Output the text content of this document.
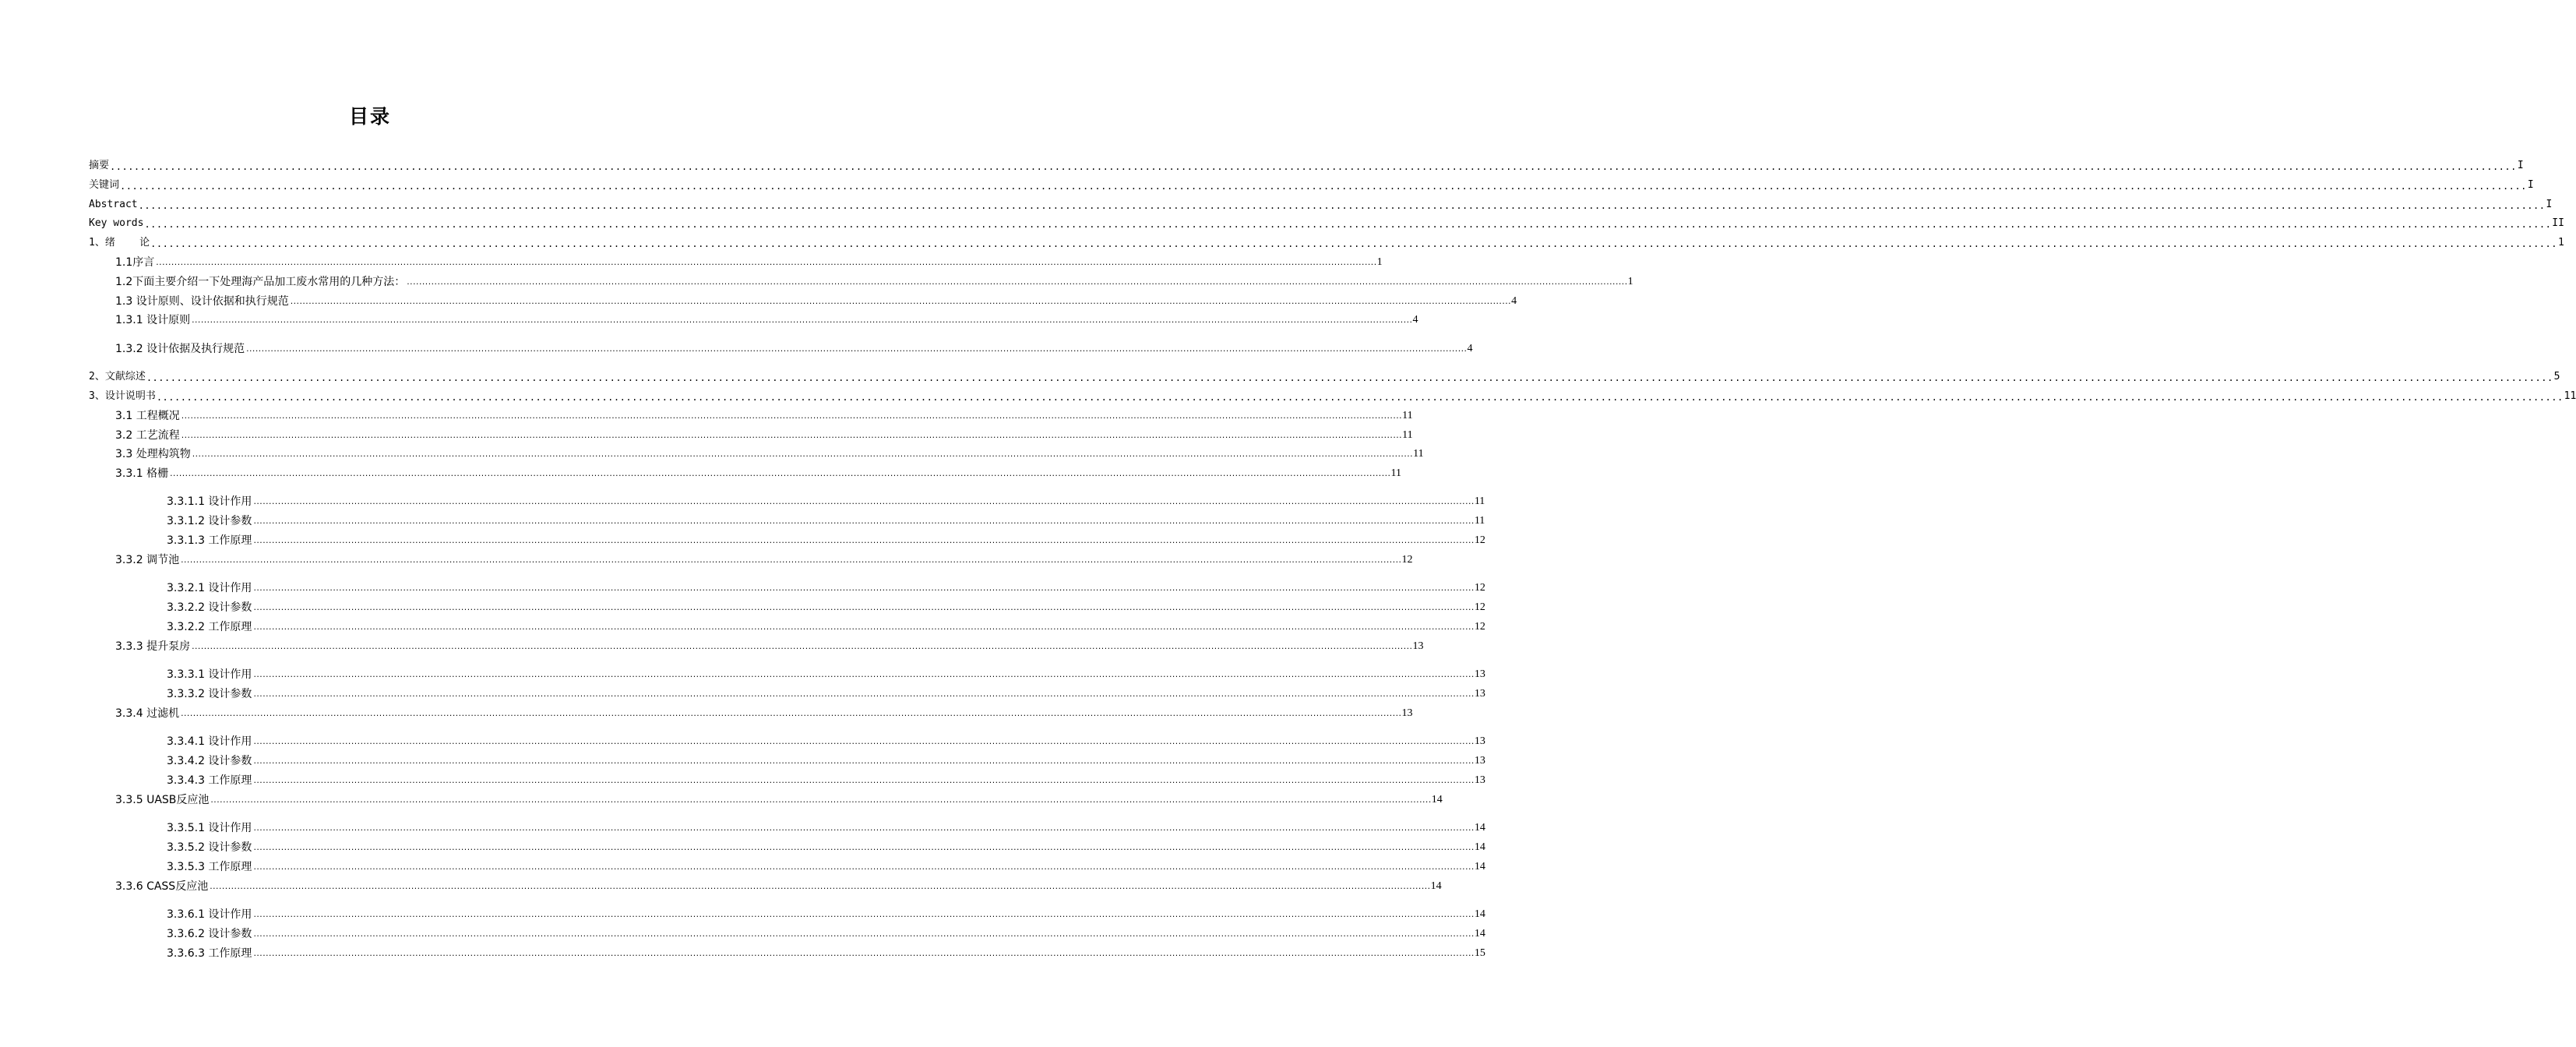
目录
摘要 ................................................................................................................................................................................................................................................................................................................................................................................................................ I
关键词 ................................................................................................................................................................................................................................................................................................................................................................................................................ I
Abstract ................................................................................................................................................................................................................................................................................................................................................................................................................ I
Key words ................................................................................................................................................................................................................................................................................................................................................................................................................ II
1、绪    论 ................................................................................................................................................................................................................................................................................................................................................................................................................ 1
1.1序言 ................................................................................................................................................................................................................................................................................................................................................................................................................ 1
1.2下面主要介绍一下处理海产品加工废水常用的几种方法： ................................................................................................................................................................................................................................................................................................................................................................................................................ 1
1.3 设计原则、设计依据和执行规范 ................................................................................................................................................................................................................................................................................................................................................................................................................ 4
1.3.1 设计原则 ................................................................................................................................................................................................................................................................................................................................................................................................................ 4
1.3.2 设计依据及执行规范 ................................................................................................................................................................................................................................................................................................................................................................................................................ 4
2、文献综述 ................................................................................................................................................................................................................................................................................................................................................................................................................ 5
3、设计说明书 ................................................................................................................................................................................................................................................................................................................................................................................................................ 11
3.1 工程概况 ................................................................................................................................................................................................................................................................................................................................................................................................................ 11
3.2 工艺流程 ................................................................................................................................................................................................................................................................................................................................................................................................................ 11
3.3 处理构筑物 ................................................................................................................................................................................................................................................................................................................................................................................................................ 11
3.3.1 格栅 ................................................................................................................................................................................................................................................................................................................................................................................................................ 11
3.3.1.1 设计作用 ................................................................................................................................................................................................................................................................................................................................................................................................................ 11
3.3.1.2 设计参数 ................................................................................................................................................................................................................................................................................................................................................................................................................ 11
3.3.1.3 工作原理 ................................................................................................................................................................................................................................................................................................................................................................................................................ 12
3.3.2 调节池 ................................................................................................................................................................................................................................................................................................................................................................................................................ 12
3.3.2.1 设计作用 ................................................................................................................................................................................................................................................................................................................................................................................................................ 12
3.3.2.2 设计参数 ................................................................................................................................................................................................................................................................................................................................................................................................................ 12
3.3.2.2 工作原理 ................................................................................................................................................................................................................................................................................................................................................................................................................ 12
3.3.3 提升泵房 ................................................................................................................................................................................................................................................................................................................................................................................................................ 13
3.3.3.1 设计作用 ................................................................................................................................................................................................................................................................................................................................................................................................................ 13
3.3.3.2 设计参数 ................................................................................................................................................................................................................................................................................................................................................................................................................ 13
3.3.4 过滤机 ................................................................................................................................................................................................................................................................................................................................................................................................................ 13
3.3.4.1 设计作用 ................................................................................................................................................................................................................................................................................................................................................................................................................ 13
3.3.4.2 设计参数 ................................................................................................................................................................................................................................................................................................................................................................................................................ 13
3.3.4.3 工作原理 ................................................................................................................................................................................................................................................................................................................................................................................................................ 13
3.3.5 UASB反应池 ................................................................................................................................................................................................................................................................................................................................................................................................................ 14
3.3.5.1 设计作用 ................................................................................................................................................................................................................................................................................................................................................................................................................ 14
3.3.5.2 设计参数 ................................................................................................................................................................................................................................................................................................................................................................................................................ 14
3.3.5.3 工作原理 ................................................................................................................................................................................................................................................................................................................................................................................................................ 14
3.3.6 CASS反应池 ................................................................................................................................................................................................................................................................................................................................................................................................................ 14
3.3.6.1 设计作用 ................................................................................................................................................................................................................................................................................................................................................................................................................ 14
3.3.6.2 设计参数 ................................................................................................................................................................................................................................................................................................................................................................................................................ 14
3.3.6.3 工作原理 ................................................................................................................................................................................................................................................................................................................................................................................................................ 15
